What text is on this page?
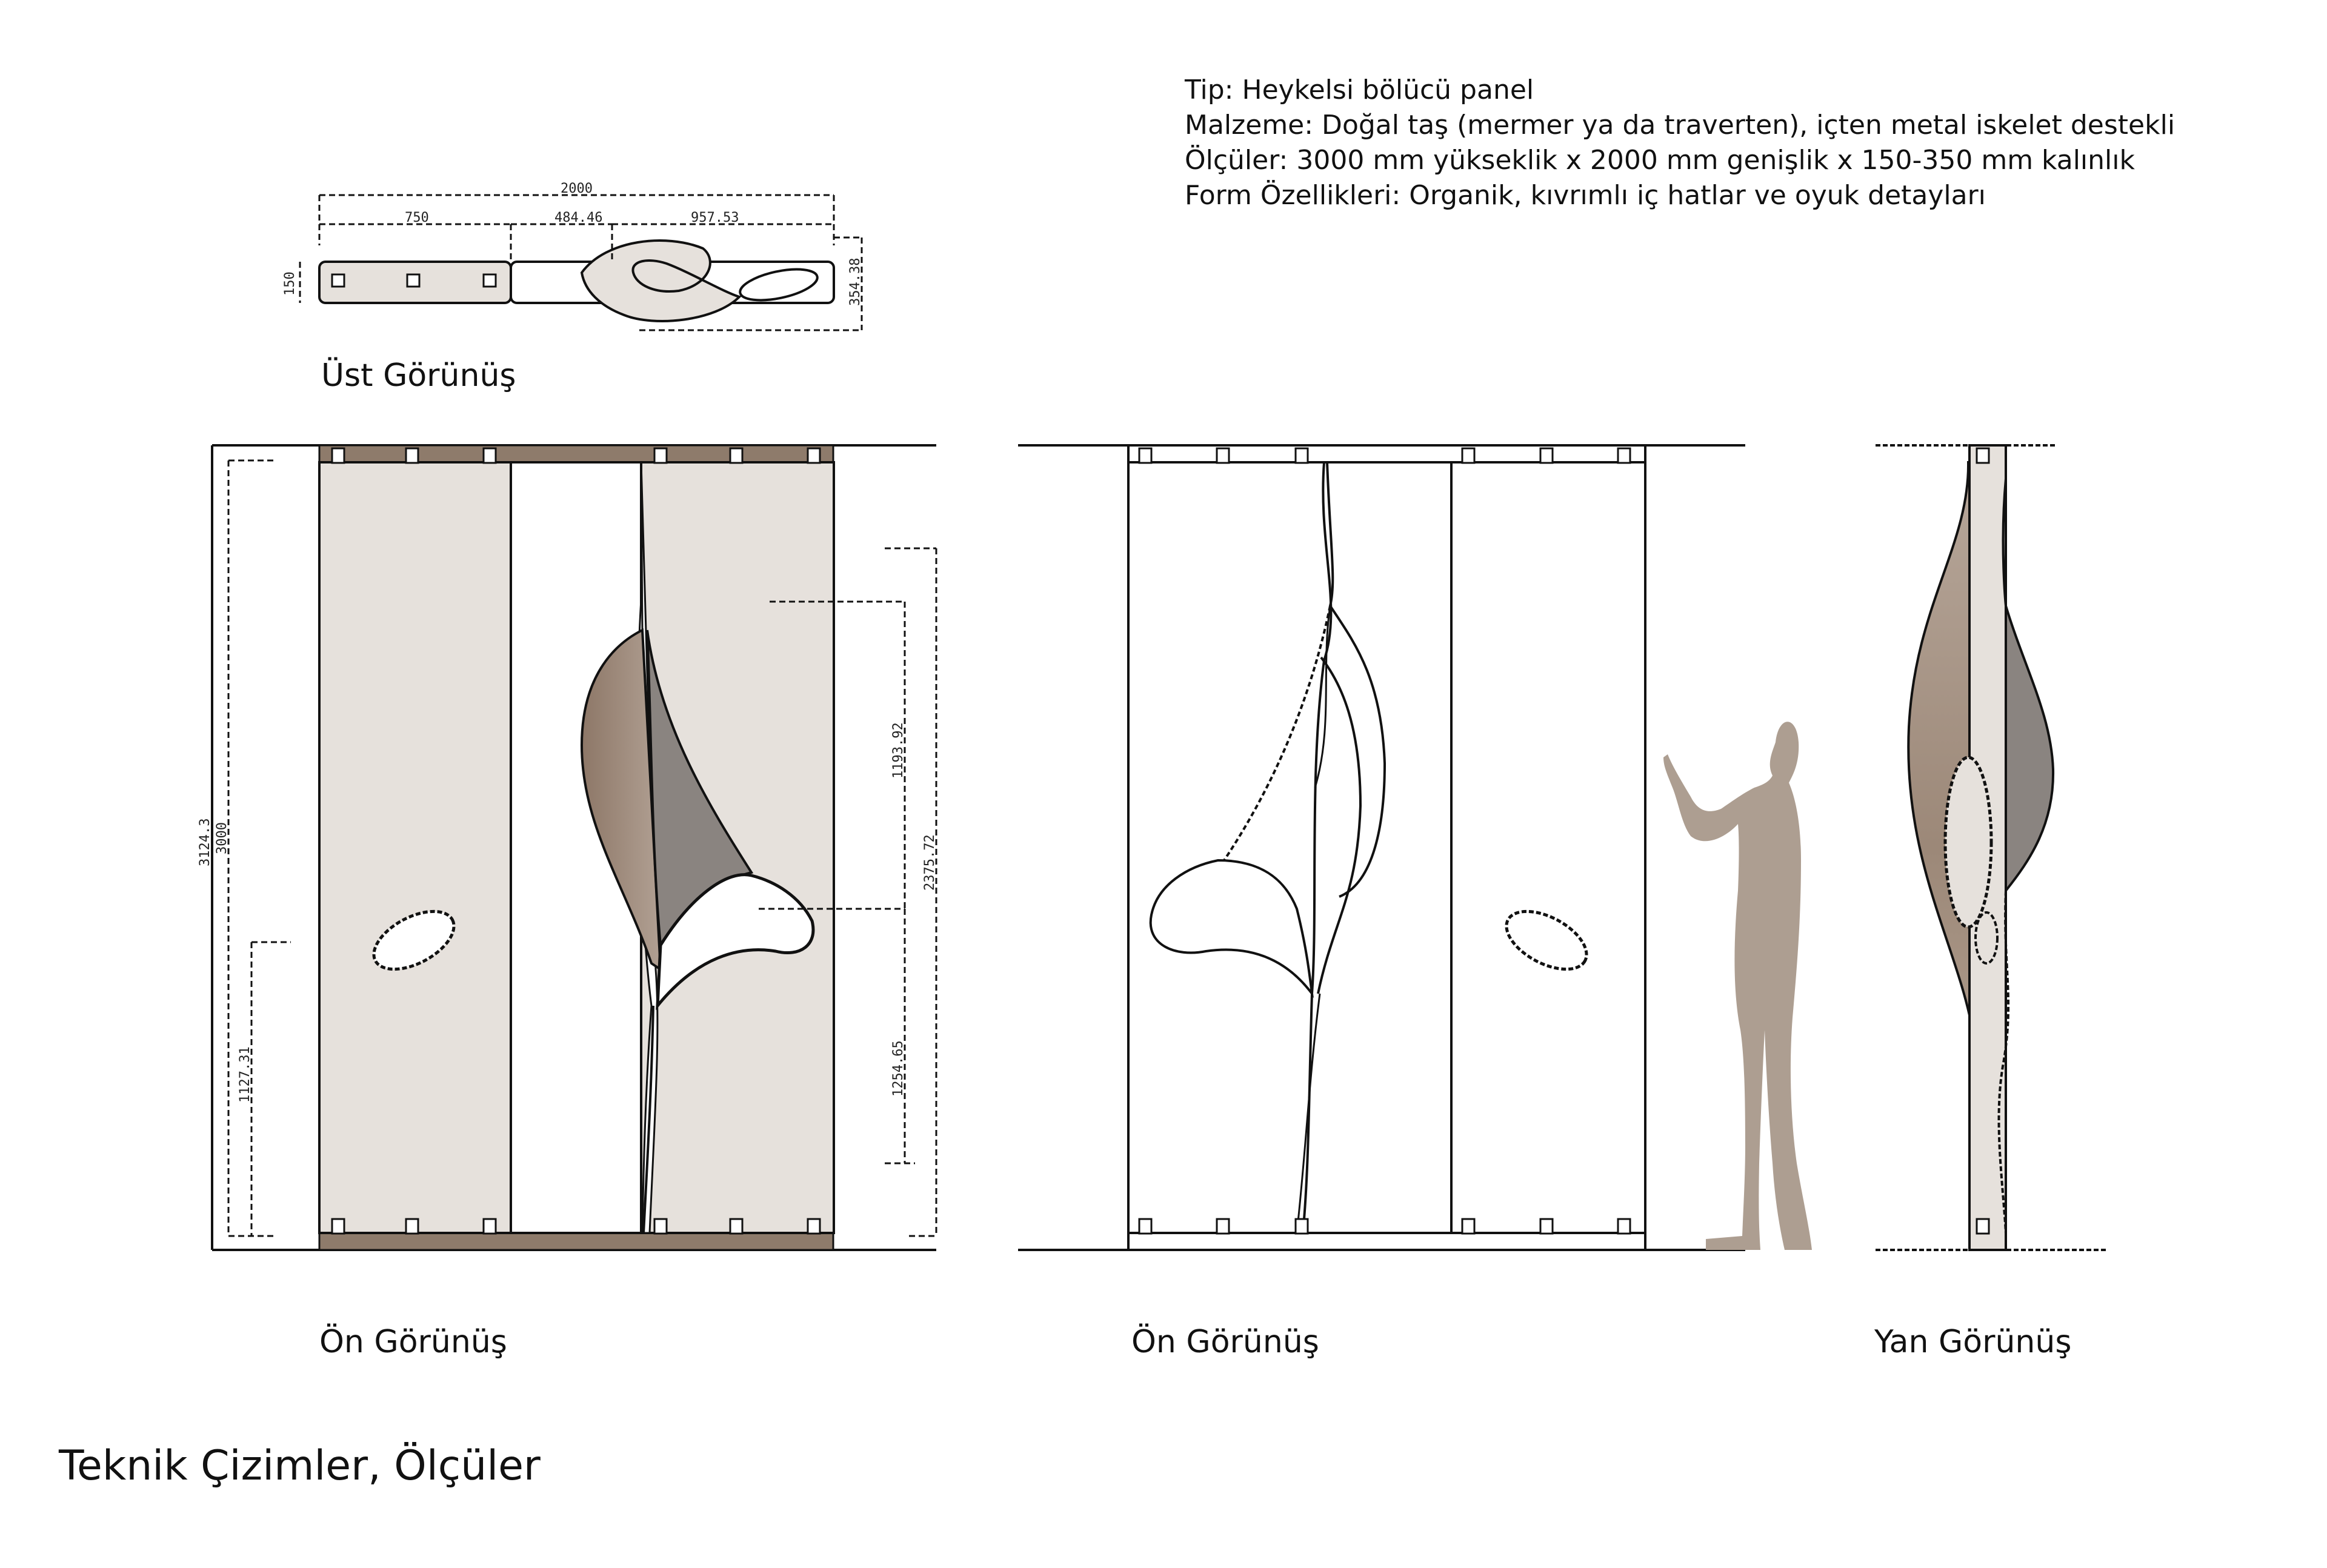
Tip: Heykelsi bölücü panel
Malzeme: Doğal taş (mermer ya da traverten), içten metal iskelet destekli
Ölçüler: 3000 mm yükseklik x 2000 mm genişlik x 150-350 mm kalınlık
Form Özellikleri: Organik, kıvrımlı iç hatlar ve oyuk detayları
2000
750	484.46	957.53
150	354.38
3124.3 3000
1127.31
1193.92
2375.72
1254.65
Üst Görünüş
Ön Görünüş	Ön Görünüş	Yan Görünüş
Teknik Çizimler, Ölçüler
